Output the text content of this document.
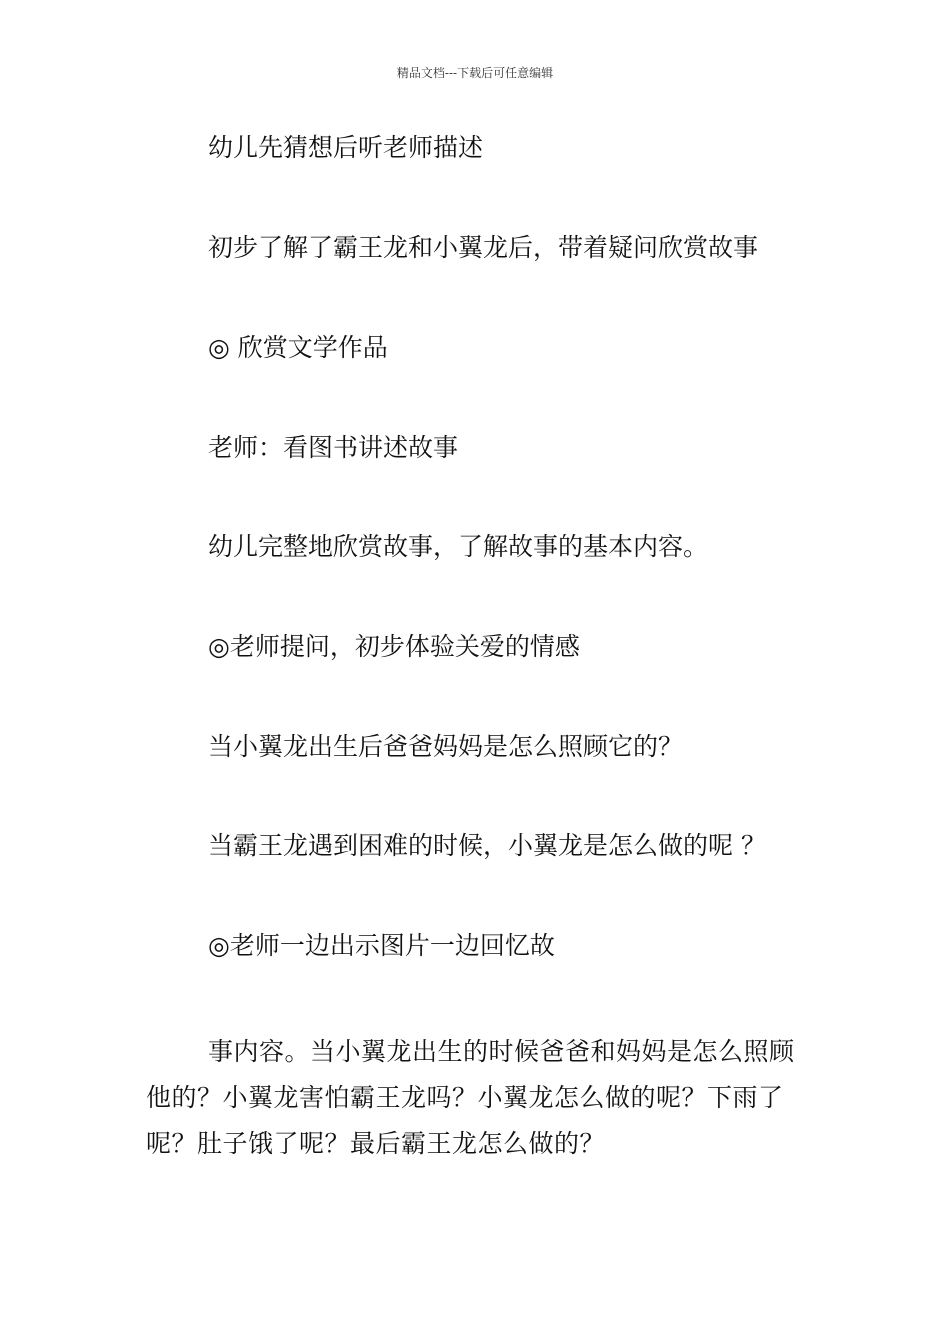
精品文档---下载后可任意编辑
幼儿先猜想后听老师描述
初步了解了霸王龙和小翼龙后，带着疑问欣赏故事
◎ 欣赏文学作品
老师：看图书讲述故事
幼儿完整地欣赏故事，了解故事的基本内容。
◎老师提问，初步体验关爱的情感
当小翼龙出生后爸爸妈妈是怎么照顾它的？
当霸王龙遇到困难的时候，小翼龙是怎么做的呢 ？
◎老师一边出示图片一边回忆故
事内容。当小翼龙出生的时候爸爸和妈妈是怎么照顾他的？小翼龙害怕霸王龙吗？小翼龙怎么做的呢？下雨了呢？肚子饿了呢？最后霸王龙怎么做的？
